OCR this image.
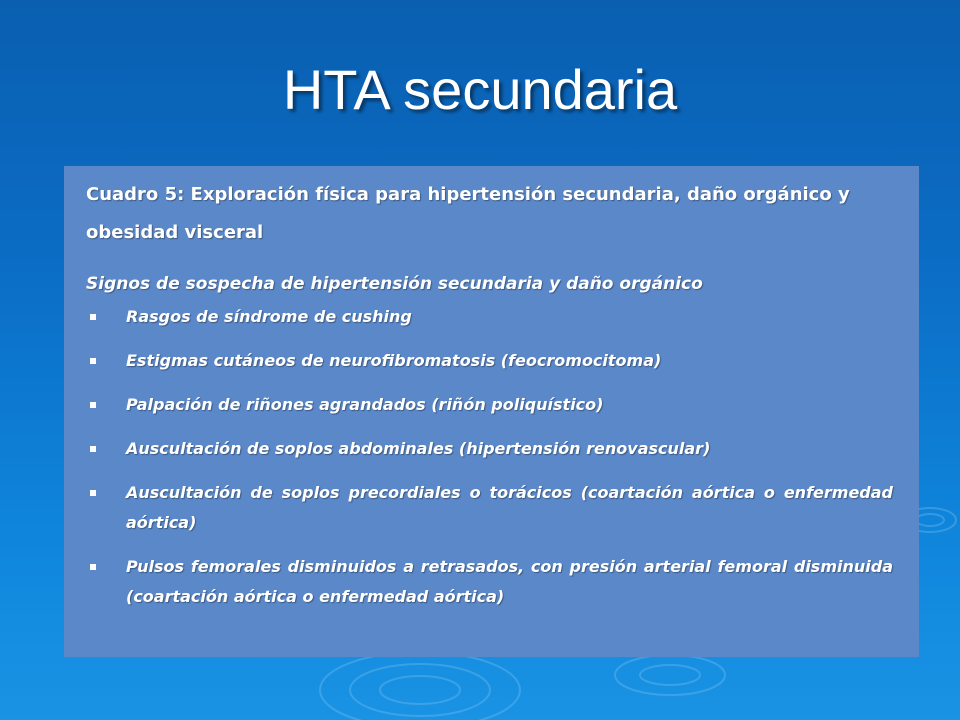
HTA secundaria

Cuadro 5: Exploración física para hipertensión secundaria, daño orgánico y obesidad visceral

Signos de sospecha de hipertensión secundaria y daño orgánico

Rasgos de síndrome de cushing
Estigmas cutáneos de neurofibromatosis (feocromocitoma)
Palpación de riñones agrandados (riñón poliquístico)
Auscultación de soplos abdominales (hipertensión renovascular)
Auscultación de soplos precordiales o torácicos (coartación aórtica o enfermedad aórtica)
Pulsos femorales disminuidos a retrasados, con presión arterial femoral disminuida (coartación aórtica o enfermedad aórtica)
